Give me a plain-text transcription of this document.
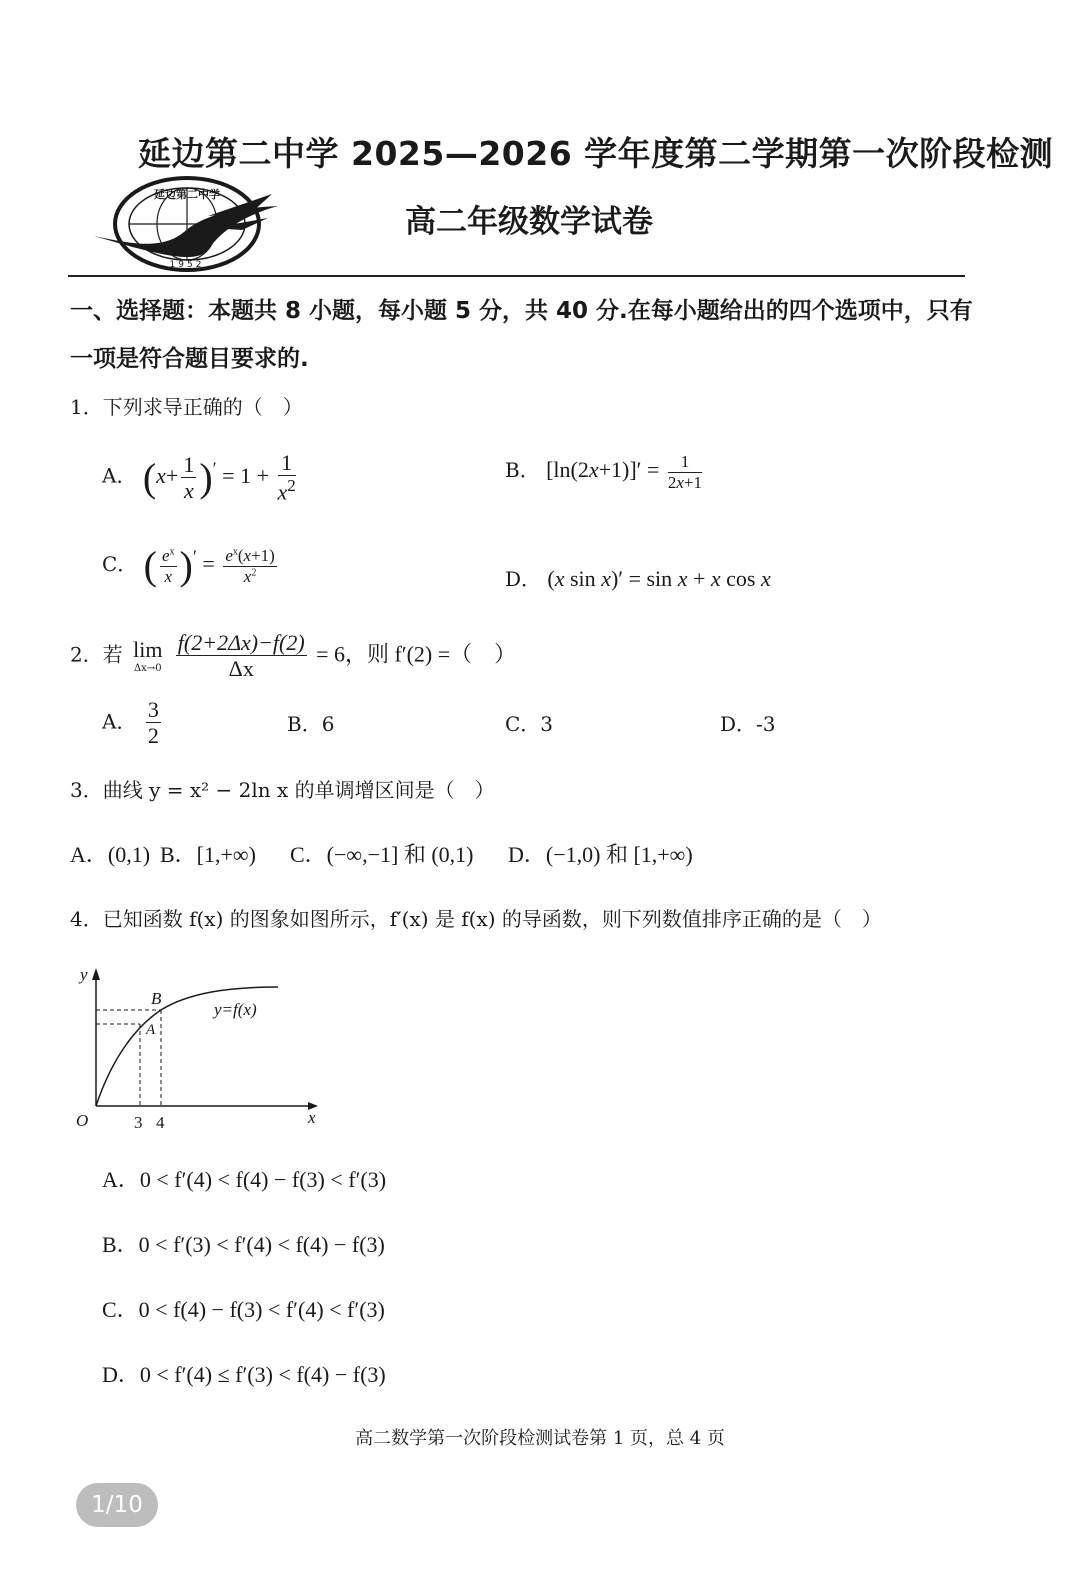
延边第二中学 2025—2026 学年度第二学期第一次阶段检测
高二年级数学试卷
延边第二中学
1952
一、选择题：本题共 8 小题，每小题 5 分，共 40 分.在每小题给出的四个选项中，只有
一项是符合题目要求的.
1．下列求导正确的（　）
A． $(x+ \frac{1}{x} )' = 1 + \frac{1}{x^2}$	B． $[\ln(2x+1)]' = \frac{1}{2x+1}$
C． ( $\frac{e^x}{x} )' = \frac{e^x(x+1)}{x^2}$	D． (x sin x)′ = sin x + x cos x
2．若 lim
Δx→0
$\frac{f(2+2\Delta x)-f(2)}{\Delta x} = 6$，则 f′(2) =（　）
A． $\frac{3}{2}$	B．6	C．3	D．-3
3．曲线 y = x² − 2ln x 的单调增区间是（　）
A．(0,1) B．[1,+∞) C．(−∞,−1] 和 (0,1) D．(−1,0) 和 [1,+∞)
4．已知函数 f(x) 的图象如图所示，f′(x) 是 f(x) 的导函数，则下列数值排序正确的是（　）
y
x
O
B
A
y=f(x)
3 4
A．0 < f′(4) < f(4) − f(3) < f′(3)
B．0 < f′(3) < f′(4) < f(4) − f(3)
C．0 < f(4) − f(3) < f′(4) < f′(3)
D．0 < f′(4) ≤ f′(3) < f(4) − f(3)
高二数学第一次阶段检测试卷第 1 页，总 4 页
1/10
